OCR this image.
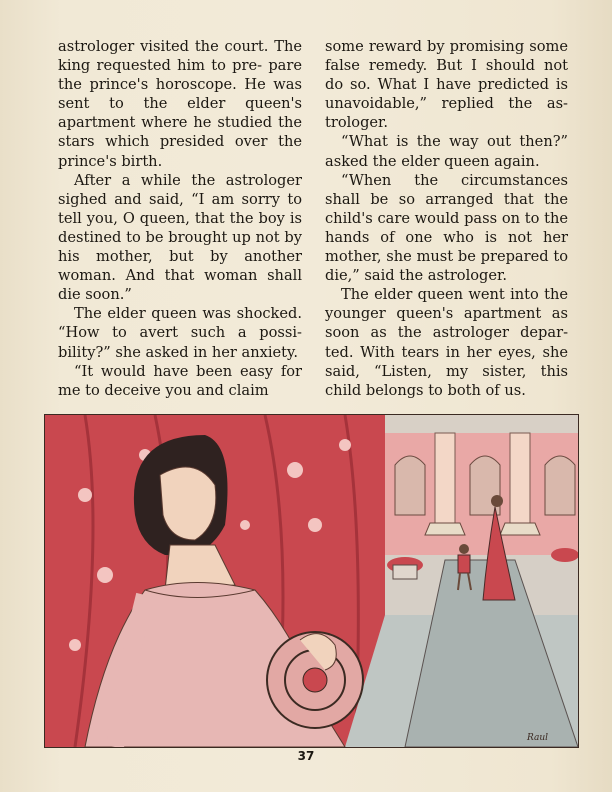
astrologer visited the court. The king requested him to pre- pare the prince's horoscope. He was sent to the elder queen's apartment where he studied the stars which presided over the prince's birth.

After a while the astrologer sighed and said, “I am sorry to tell you, O queen, that the boy is destined to be brought up not by his mother, but by another woman. And that woman shall die soon.”

The elder queen was shocked. “How to avert such a possi- bility?” she asked in her anxiety.

“It would have been easy for me to deceive you and claim

some reward by promising some false remedy. But I should not do so. What I have predicted is unavoidable,” replied the as- trologer.

“What is the way out then?” asked the elder queen again.

“When the circumstances shall be so arranged that the child's care would pass on to the hands of one who is not her mother, she must be prepared to die,” said the astrologer.

The elder queen went into the younger queen's apartment as soon as the astrologer depar- ted. With tears in her eyes, she said, “Listen, my sister, this child belongs to both of us.

Raul
37
